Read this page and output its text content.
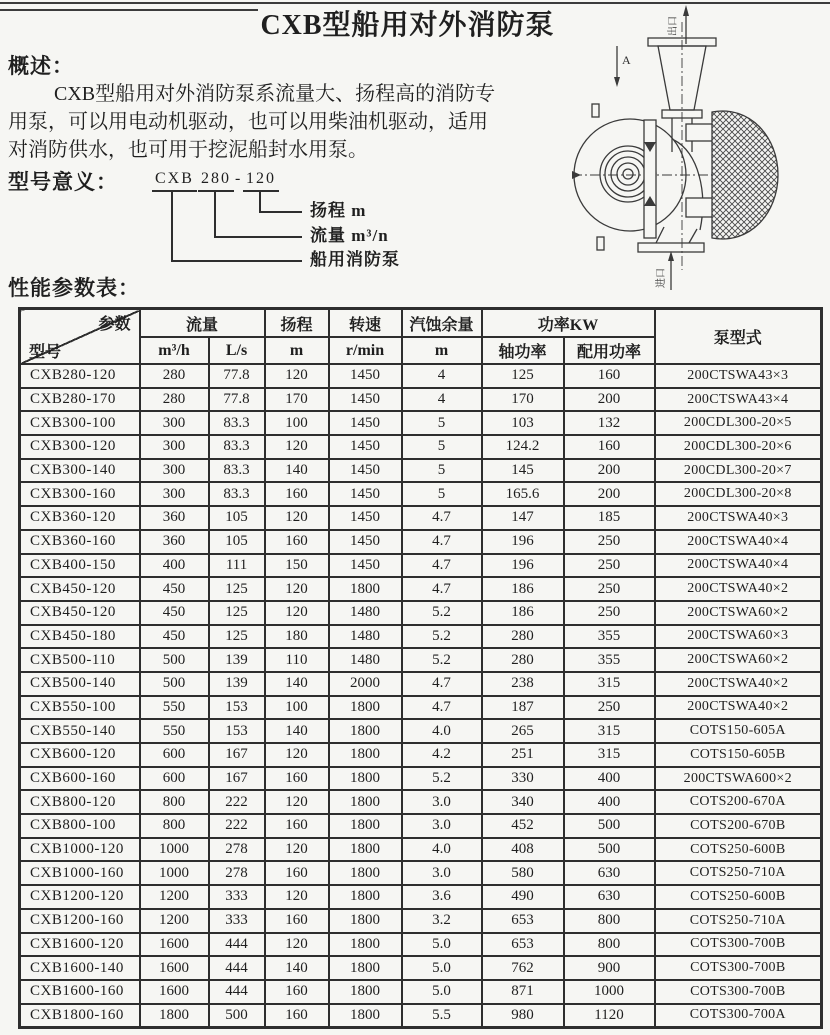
CXB型船用对外消防泵
概述：
CXB型船用对外消防泵系流量大、扬程高的消防专
用泵，可以用电动机驱动，也可以用柴油机驱动，适用
对消防供水，也可用于挖泥船封水用泵。
型号意义： CXB 280 - 120
扬程 m
流量 m³/n
船用消防泵
出口
A
进口
性能参数表：
参数
型号	流量		扬程	转速	汽蚀余量	功率KW		泵型式
	m³/h	L/s	m	r/min	m	轴功率	配用功率	
CXB280-120	280	77.8	120	1450	4	125	160	200CTSWA43×3
CXB280-170	280	77.8	170	1450	4	170	200	200CTSWA43×4
CXB300-100	300	83.3	100	1450	5	103	132	200CDL300-20×5
CXB300-120	300	83.3	120	1450	5	124.2	160	200CDL300-20×6
CXB300-140	300	83.3	140	1450	5	145	200	200CDL300-20×7
CXB300-160	300	83.3	160	1450	5	165.6	200	200CDL300-20×8
CXB360-120	360	105	120	1450	4.7	147	185	200CTSWA40×3
CXB360-160	360	105	160	1450	4.7	196	250	200CTSWA40×4
CXB400-150	400	111	150	1450	4.7	196	250	200CTSWA40×4
CXB450-120	450	125	120	1800	4.7	186	250	200CTSWA40×2
CXB450-120	450	125	120	1480	5.2	186	250	200CTSWA60×2
CXB450-180	450	125	180	1480	5.2	280	355	200CTSWA60×3
CXB500-110	500	139	110	1480	5.2	280	355	200CTSWA60×2
CXB500-140	500	139	140	2000	4.7	238	315	200CTSWA40×2
CXB550-100	550	153	100	1800	4.7	187	250	200CTSWA40×2
CXB550-140	550	153	140	1800	4.0	265	315	COTS150-605A
CXB600-120	600	167	120	1800	4.2	251	315	COTS150-605B
CXB600-160	600	167	160	1800	5.2	330	400	200CTSWA600×2
CXB800-120	800	222	120	1800	3.0	340	400	COTS200-670A
CXB800-100	800	222	160	1800	3.0	452	500	COTS200-670B
CXB1000-120	1000	278	120	1800	4.0	408	500	COTS250-600B
CXB1000-160	1000	278	160	1800	3.0	580	630	COTS250-710A
CXB1200-120	1200	333	120	1800	3.6	490	630	COTS250-600B
CXB1200-160	1200	333	160	1800	3.2	653	800	COTS250-710A
CXB1600-120	1600	444	120	1800	5.0	653	800	COTS300-700B
CXB1600-140	1600	444	140	1800	5.0	762	900	COTS300-700B
CXB1600-160	1600	444	160	1800	5.0	871	1000	COTS300-700B
CXB1800-160	1800	500	160	1800	5.5	980	1120	COTS300-700A
